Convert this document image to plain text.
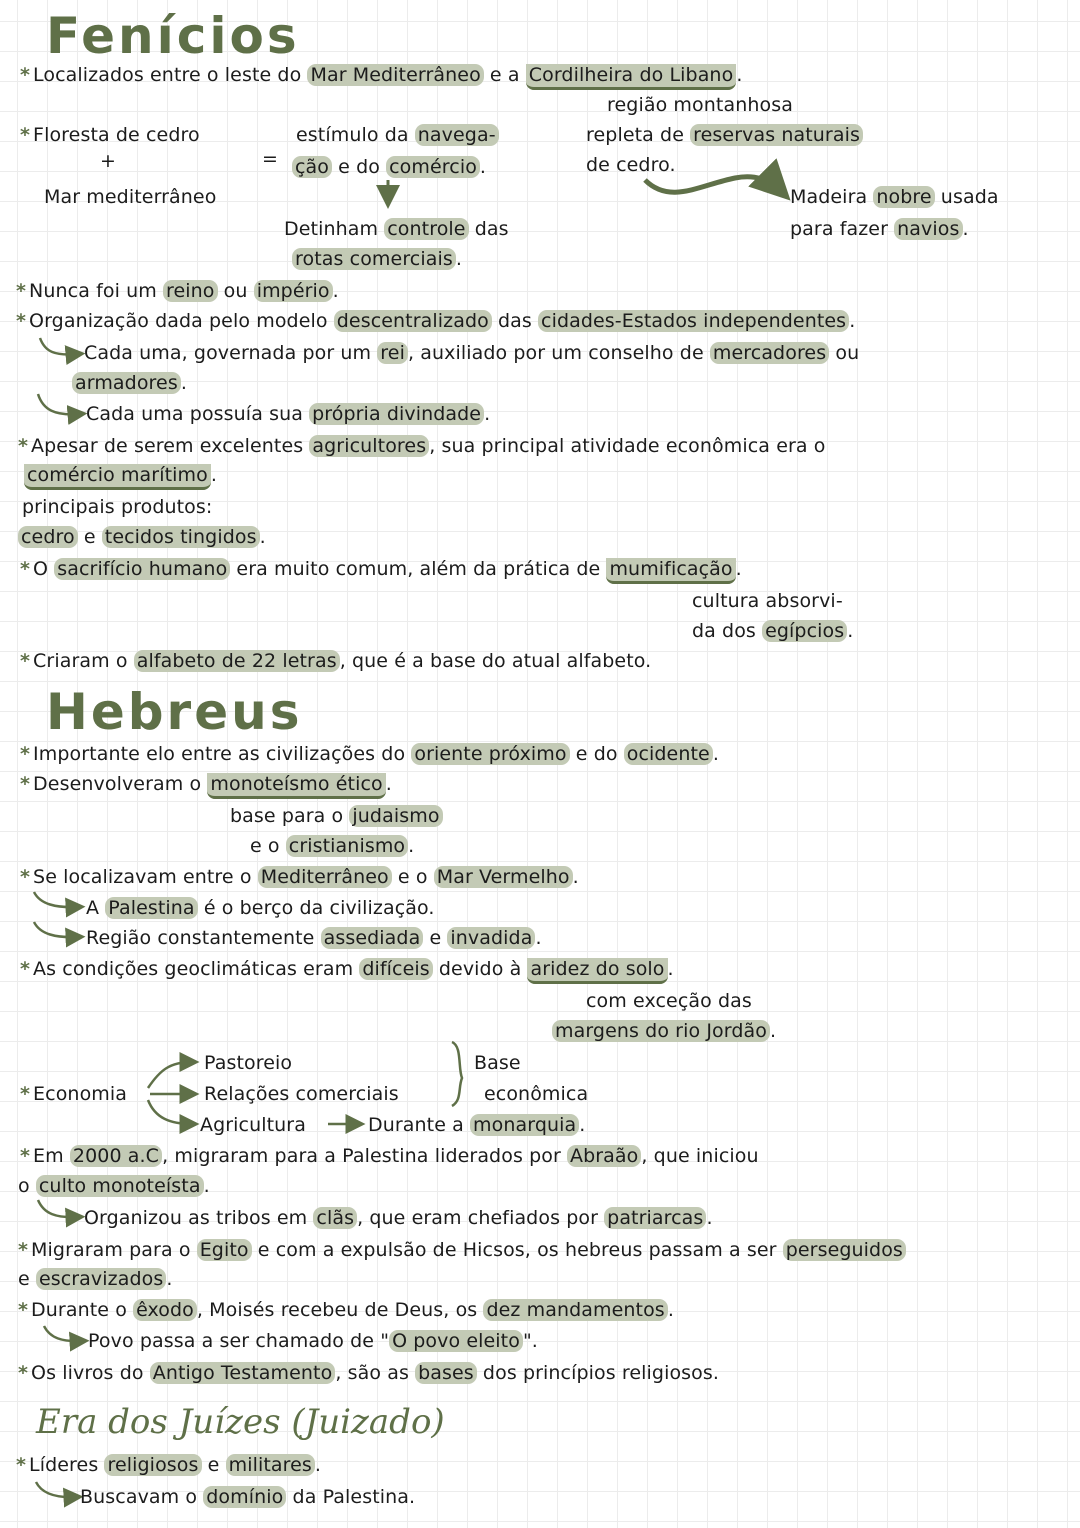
Fenícios
* Localizados entre o leste do Mar Mediterrâneo e a Cordilheira do Libano .
região montanhosa
repleta de reservas naturais
de cedro.
Madeira nobre usada
para fazer navios .
* Floresta de cedro
+
Mar mediterrâneo
=
estímulo da navega-
ção e do comércio .
Detinham controle das
rotas comerciais .
* Nunca foi um reino ou império .
* Organização dada pelo modelo descentralizado das cidades-Estados independentes .
Cada uma, governada por um rei , auxiliado por um conselho de mercadores ou
armadores .
Cada uma possuía sua própria divindade .
* Apesar de serem excelentes agricultores , sua principal atividade econômica era o
comércio marítimo .
principais produtos:
cedro e tecidos tingidos .
* O sacrifício humano era muito comum, além da prática de mumificação .
cultura absorvi-
da dos egípcios .
* Criaram o alfabeto de 22 letras , que é a base do atual alfabeto.
Hebreus
* Importante elo entre as civilizações do oriente próximo e do ocidente .
* Desenvolveram o monoteísmo ético .
base para o judaismo
e o cristianismo .
* Se localizavam entre o Mediterrâneo e o Mar Vermelho .
A Palestina é o berço da civilização.
Região constantemente assediada e invadida .
* As condições geoclimáticas eram difíceis devido à aridez do solo .
com exceção das
margens do rio Jordão .
* Economia
Pastoreio
Relações comerciais
Agricultura
Base
econômica
Durante a monarquia .
* Em 2000 a.C , migraram para a Palestina liderados por Abraão , que iniciou
o culto monoteísta .
Organizou as tribos em clãs , que eram chefiados por patriarcas .
* Migraram para o Egito e com a expulsão de Hicsos, os hebreus passam a ser perseguidos
e escravizados .
* Durante o êxodo , Moisés recebeu de Deus, os dez mandamentos .
Povo passa a ser chamado de " O povo eleito ".
* Os livros do Antigo Testamento , são as bases dos princípios religiosos.
Era dos Juízes (Juizado)
* Líderes religiosos e militares .
Buscavam o domínio da Palestina.
